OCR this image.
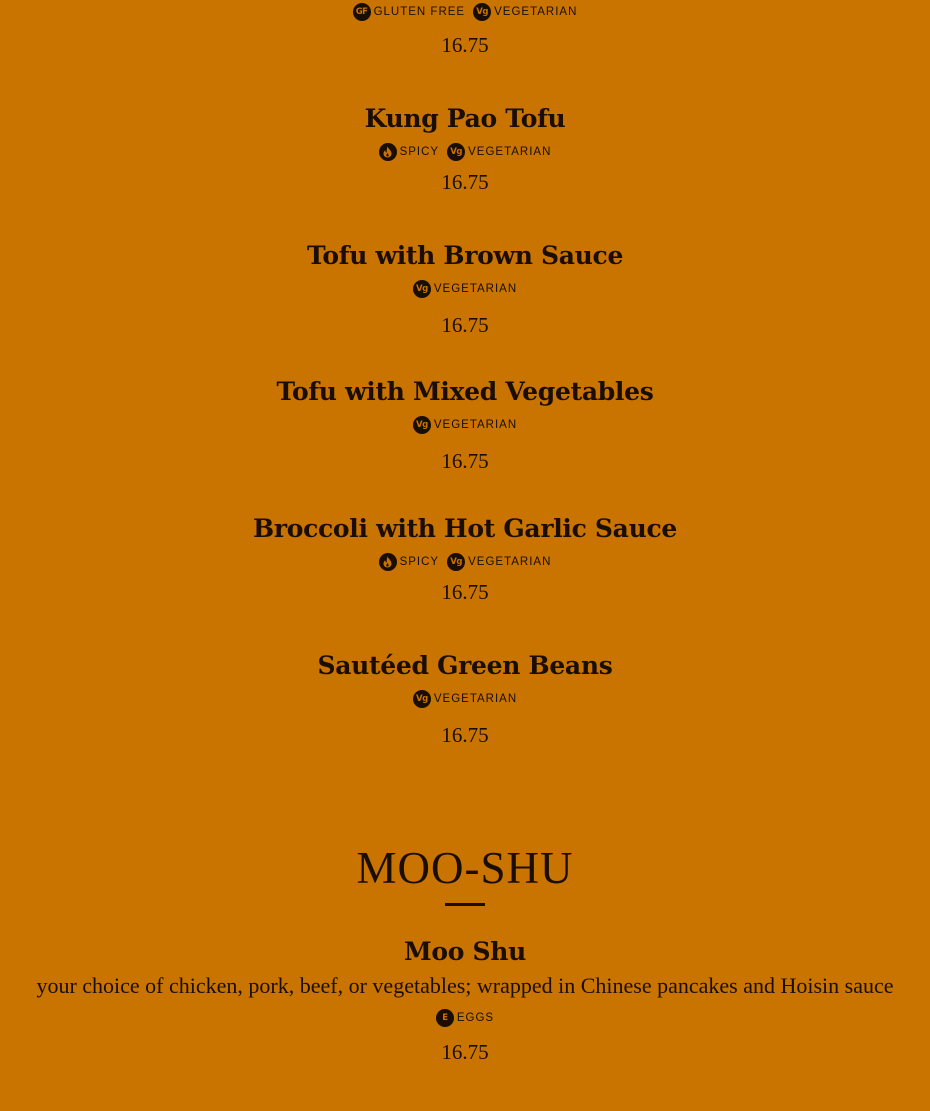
GF GLUTEN FREE	Vg VEGETARIAN
16.75
Kung Pao Tofu
SPICY	Vg VEGETARIAN
16.75
Tofu with Brown Sauce
Vg VEGETARIAN
16.75
Tofu with Mixed Vegetables
Vg VEGETARIAN
16.75
Broccoli with Hot Garlic Sauce
SPICY	Vg VEGETARIAN
16.75
Sautéed Green Beans
Vg VEGETARIAN
16.75
MOO-SHU
Moo Shu
your choice of chicken, pork, beef, or vegetables; wrapped in Chinese pancakes and Hoisin sauce
E EGGS
16.75
